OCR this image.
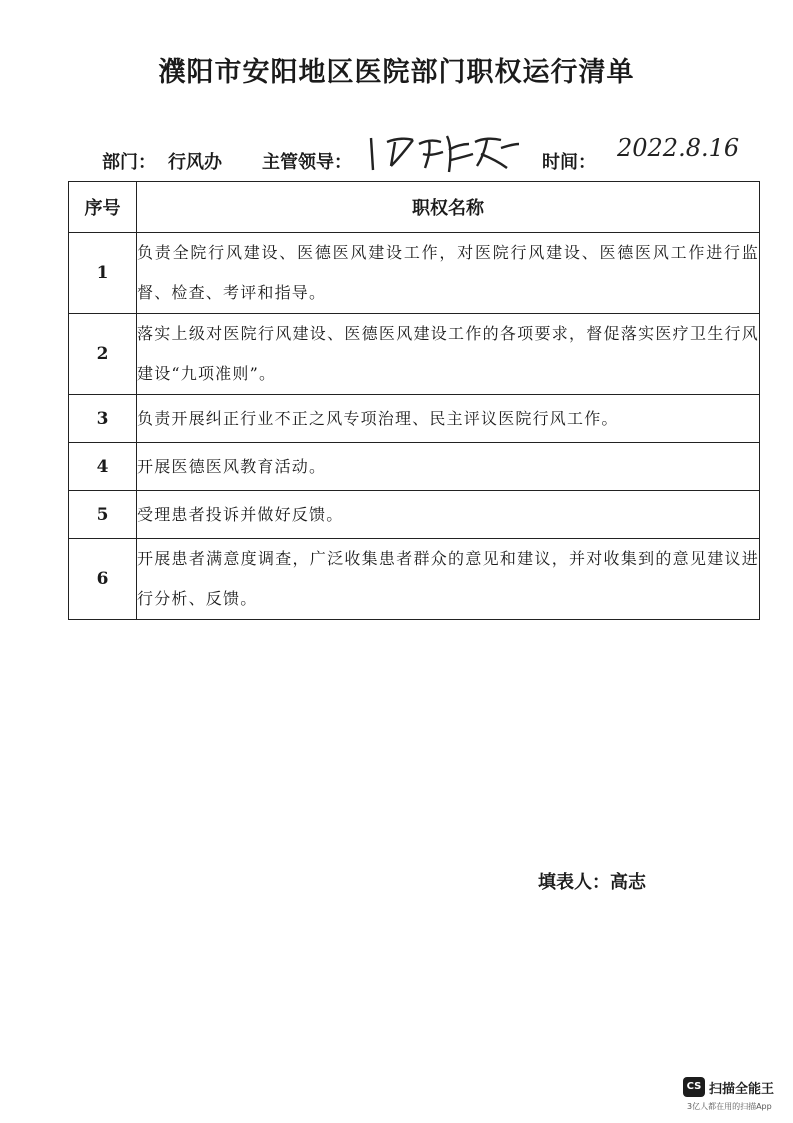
濮阳市安阳地区医院部门职权运行清单
部门： 行风办 主管领导：	时间：
2022.8.16
序号	职权名称
1	负责全院行风建设、医德医风建设工作，对医院行风建设、医德医风工作进行监督、检查、考评和指导。
2	落实上级对医院行风建设、医德医风建设工作的各项要求，督促落实医疗卫生行风建设“九项准则”。
3	负责开展纠正行业不正之风专项治理、民主评议医院行风工作。
4	开展医德医风教育活动。
5	受理患者投诉并做好反馈。
6	开展患者满意度调查，广泛收集患者群众的意见和建议，并对收集到的意见建议进行分析、反馈。
填表人：高志
CS 扫描全能王
3亿人都在用的扫描App
